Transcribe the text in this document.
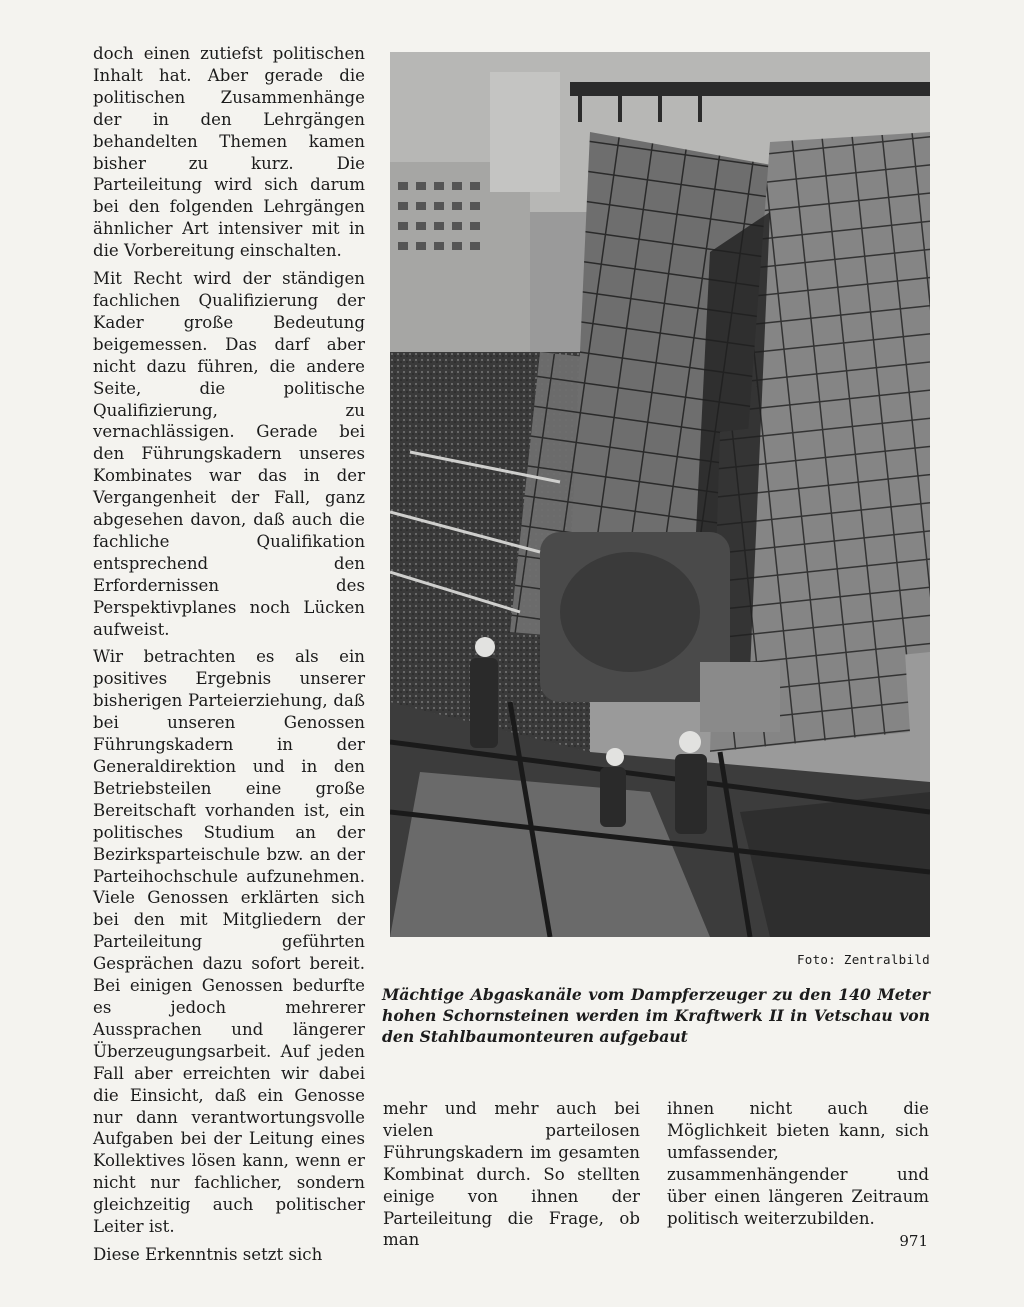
doch einen zutiefst politischen Inhalt hat. Aber gerade die politischen Zusammenhänge der in den Lehrgängen behandelten Themen kamen bisher zu kurz. Die Parteileitung wird sich darum bei den folgenden Lehrgängen ähnlicher Art intensiver mit in die Vorbereitung einschalten.

Mit Recht wird der ständigen fachlichen Qualifizierung der Kader große Bedeutung beigemessen. Das darf aber nicht dazu führen, die andere Seite, die politische Qualifizierung, zu vernachlässigen. Gerade bei den Führungskadern unseres Kombinates war das in der Vergangenheit der Fall, ganz abgesehen davon, daß auch die fachliche Qualifikation entsprechend den Erfordernissen des Perspektivplanes noch Lücken aufweist.

Wir betrachten es als ein positives Ergebnis unserer bisherigen Parteierziehung, daß bei unseren Genossen Führungskadern in der Generaldirektion und in den Betriebsteilen eine große Bereitschaft vorhanden ist, ein politisches Studium an der Bezirksparteischule bzw. an der Parteihochschule aufzunehmen. Viele Genossen erklärten sich bei den mit Mitgliedern der Parteileitung geführten Gesprächen dazu sofort bereit. Bei einigen Genossen bedurfte es jedoch mehrerer Aussprachen und längerer Überzeugungsarbeit. Auf jeden Fall aber erreichten wir dabei die Einsicht, daß ein Genosse nur dann verantwortungsvolle Aufgaben bei der Leitung eines Kollektives lösen kann, wenn er nicht nur fachlicher, sondern gleichzeitig auch politischer Leiter ist.

Diese Erkenntnis setzt sich

Foto: Zentralbild
Mächtige Abgaskanäle vom Dampferzeuger zu den 140 Meter hohen Schornsteinen werden im Kraftwerk II in Vetschau von den Stahlbaumonteuren aufgebaut

mehr und mehr auch bei vielen parteilosen Führungskadern im gesamten Kombinat durch. So stellten einige von ihnen der Parteileitung die Frage, ob man

ihnen nicht auch die Möglichkeit bieten kann, sich umfassender, zusammenhängender und über einen längeren Zeitraum politisch weiterzubilden.

971
